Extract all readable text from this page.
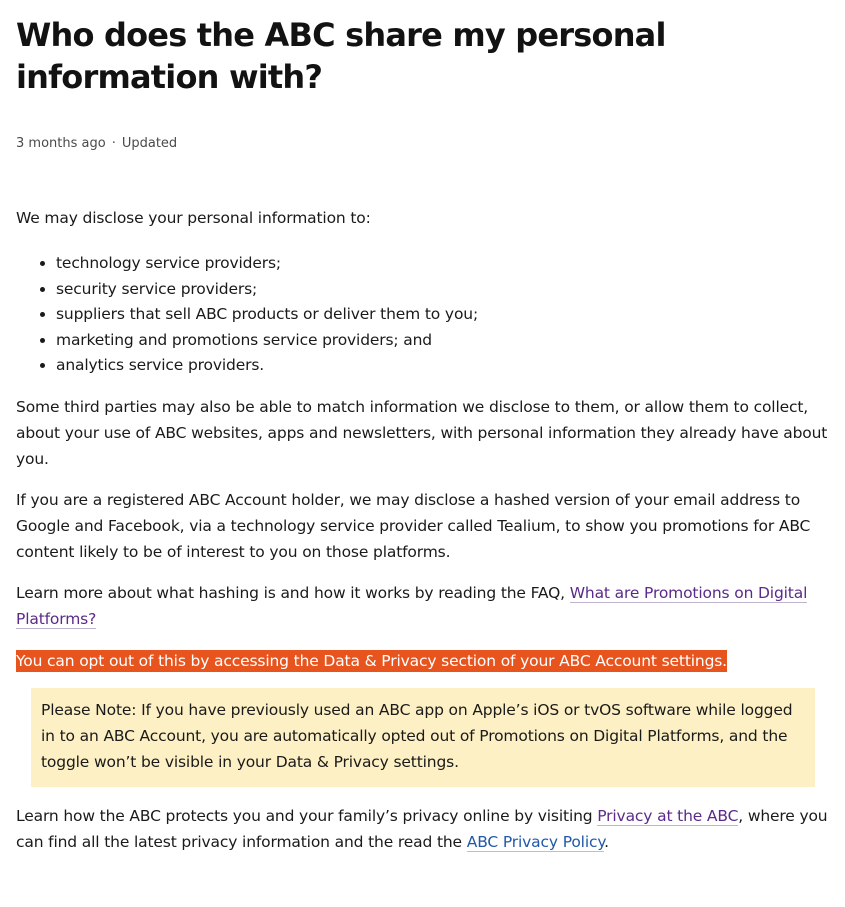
Who does the ABC share my personal information with?
3 months ago · Updated

We may disclose your personal information to:

• technology service providers;
• security service providers;
• suppliers that sell ABC products or deliver them to you;
• marketing and promotions service providers; and
• analytics service providers.

Some third parties may also be able to match information we disclose to them, or allow them to collect, about your use of ABC websites, apps and newsletters, with personal information they already have about you.

If you are a registered ABC Account holder, we may disclose a hashed version of your email address to Google and Facebook, via a technology service provider called Tealium, to show you promotions for ABC content likely to be of interest to you on those platforms.

Learn more about what hashing is and how it works by reading the FAQ, What are Promotions on Digital Platforms?

You can opt out of this by accessing the Data & Privacy section of your ABC Account settings.
Please Note: If you have previously used an ABC app on Apple’s iOS or tvOS software while logged in to an ABC Account, you are automatically opted out of Promotions on Digital Platforms, and the toggle won’t be visible in your Data & Privacy settings.

Learn how the ABC protects you and your family’s privacy online by visiting Privacy at the ABC, where you can find all the latest privacy information and the read the ABC Privacy Policy.
